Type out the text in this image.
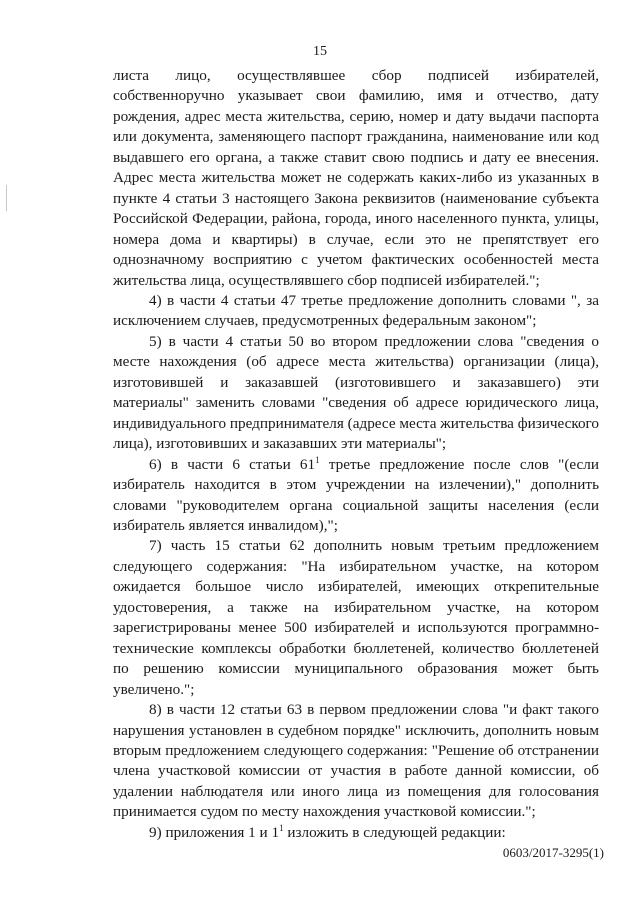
15

листа лицо, осуществлявшее сбор подписей избирателей, собственноручно указывает свои фамилию, имя и отчество, дату рождения, адрес места жительства, серию, номер и дату выдачи паспорта или документа, заменяющего паспорт гражданина, наименование или код выдавшего его органа, а также ставит свою подпись и дату ее внесения. Адрес места жительства может не содержать каких-либо из указанных в пункте 4 статьи 3 настоящего Закона реквизитов (наименование субъекта Российской Федерации, района, города, иного населенного пункта, улицы, номера дома и квартиры) в случае, если это не препятствует его однозначному восприятию с учетом фактических особенностей места жительства лица, осуществлявшего сбор подписей избирателей.";

4) в части 4 статьи 47 третье предложение дополнить словами ", за исключением случаев, предусмотренных федеральным законом";

5) в части 4 статьи 50 во втором предложении слова "сведения о месте нахождения (об адресе места жительства) организации (лица), изготовившей и заказавшей (изготовившего и заказавшего) эти материалы" заменить словами "сведения об адресе юридического лица, индивидуального предпринимателя (адресе места жительства физического лица), изготовивших и заказавших эти материалы";

6) в части 6 статьи $61^1$ третье предложение после слов "(если избиратель находится в этом учреждении на излечении)," дополнить словами "руководителем органа социальной защиты населения (если избиратель является инвалидом),";

7) часть 15 статьи 62 дополнить новым третьим предложением следующего содержания: "На избирательном участке, на котором ожидается большое число избирателей, имеющих открепительные удостоверения, а также на избирательном участке, на котором зарегистрированы менее 500 избирателей и используются программно-технические комплексы обработки бюллетеней, количество бюллетеней по решению комиссии муниципального образования может быть увеличено.";

8) в части 12 статьи 63 в первом предложении слова "и факт такого нарушения установлен в судебном порядке" исключить, дополнить новым вторым предложением следующего содержания: "Решение об отстранении члена участковой комиссии от участия в работе данной комиссии, об удалении наблюдателя или иного лица из помещения для голосования принимается судом по месту нахождения участковой комиссии.";

9) приложения 1 и $1^1$ изложить в следующей редакции:

0603/2017-3295(1)
